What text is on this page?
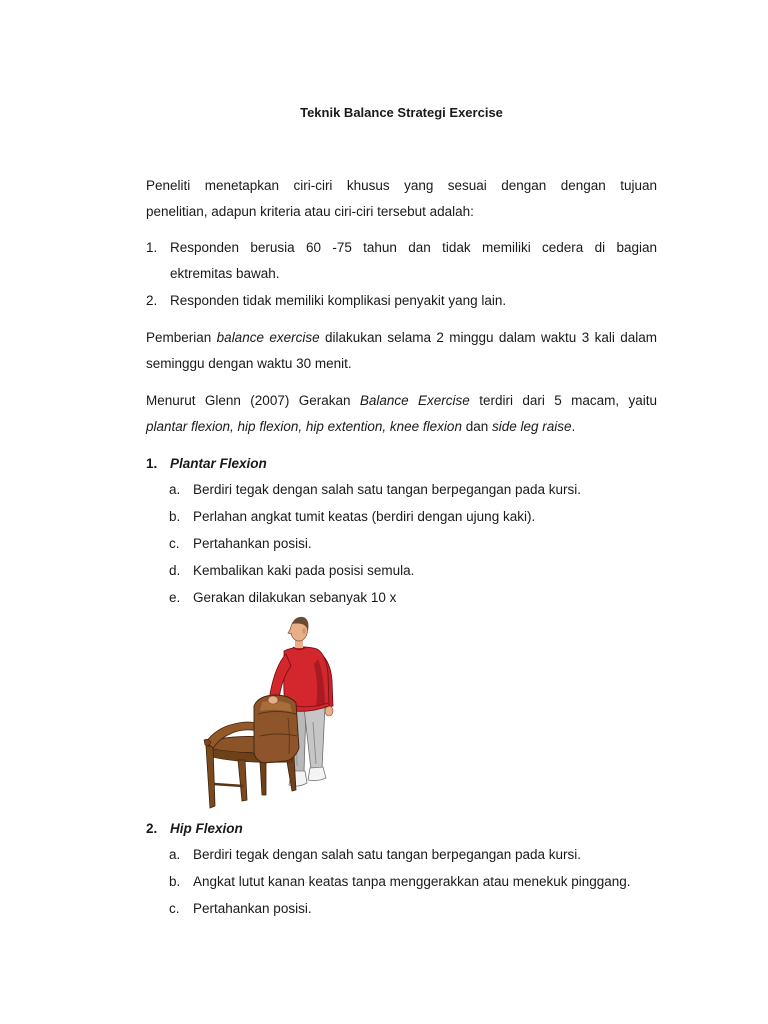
Teknik Balance Strategi Exercise
Peneliti menetapkan ciri-ciri khusus yang sesuai dengan dengan tujuan
penelitian, adapun kriteria atau ciri-ciri tersebut adalah:
1. Responden berusia 60 -75 tahun dan tidak memiliki cedera di bagian
ektremitas bawah.
2. Responden tidak memiliki komplikasi penyakit yang lain.
Pemberian balance exercise dilakukan selama 2 minggu dalam waktu 3 kali dalam
seminggu dengan waktu 30 menit.
Menurut Glenn (2007) Gerakan Balance Exercise terdiri dari 5 macam, yaitu
plantar flexion, hip flexion, hip extention, knee flexion dan side leg raise.
1. Plantar Flexion
a. Berdiri tegak dengan salah satu tangan berpegangan pada kursi.
b. Perlahan angkat tumit keatas (berdiri dengan ujung kaki).
c. Pertahankan posisi.
d. Kembalikan kaki pada posisi semula.
e. Gerakan dilakukan sebanyak 10 x
2. Hip Flexion
a. Berdiri tegak dengan salah satu tangan berpegangan pada kursi.
b. Angkat lutut kanan keatas tanpa menggerakkan atau menekuk pinggang.
c. Pertahankan posisi.
